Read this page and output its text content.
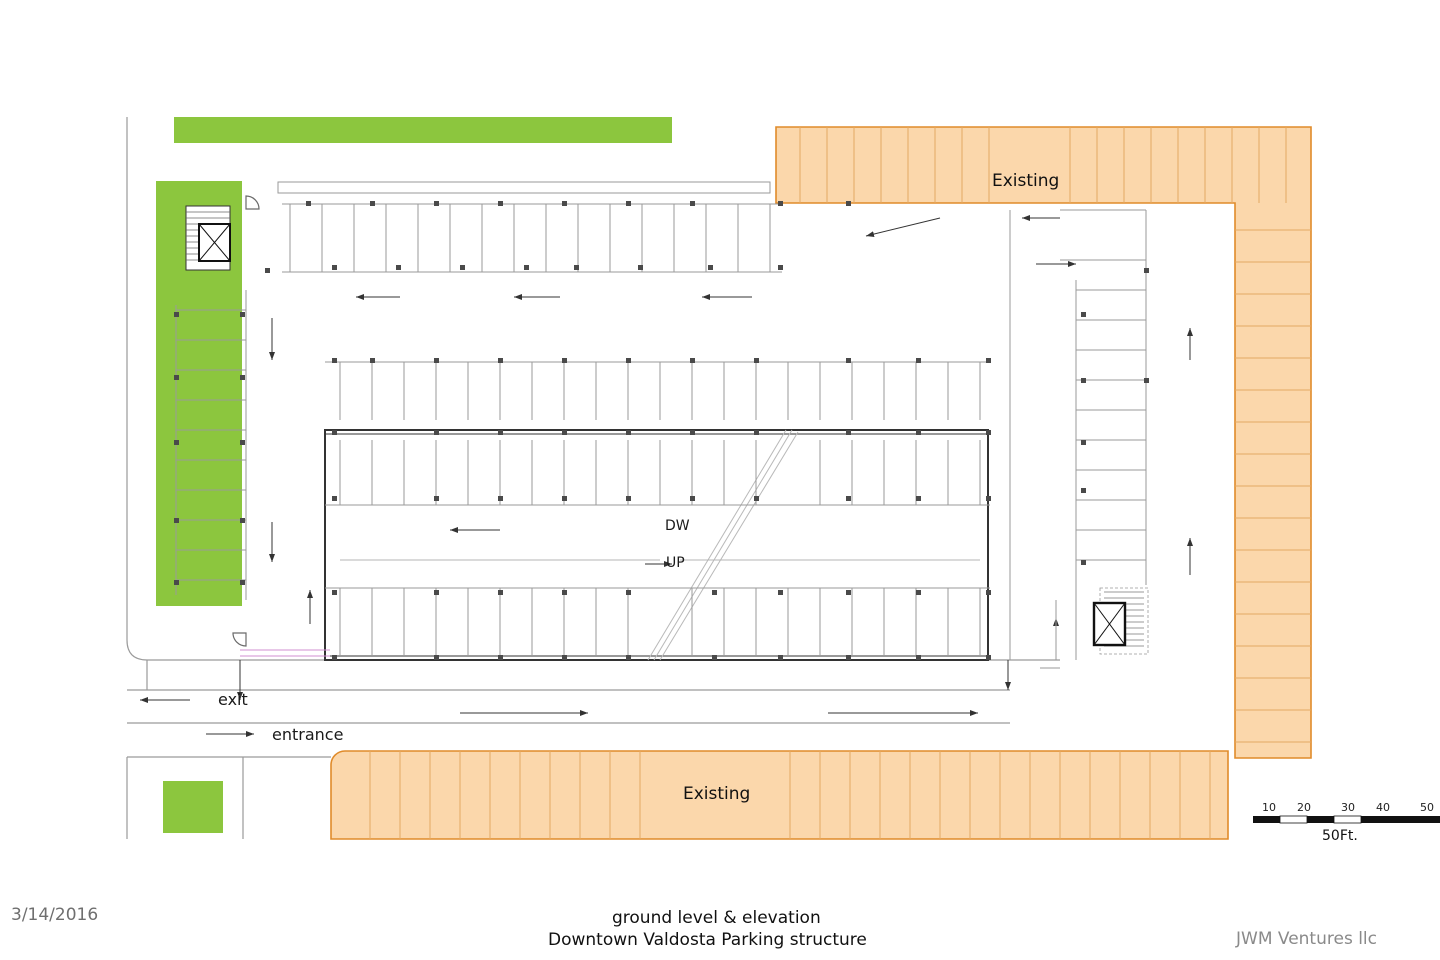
Existing
Existing
DW
UP
exit
entrance
10 20	30 40	50
50Ft.
3/14/2016	ground level & elevation
Downtown Valdosta Parking structure	JWM Ventures llc
